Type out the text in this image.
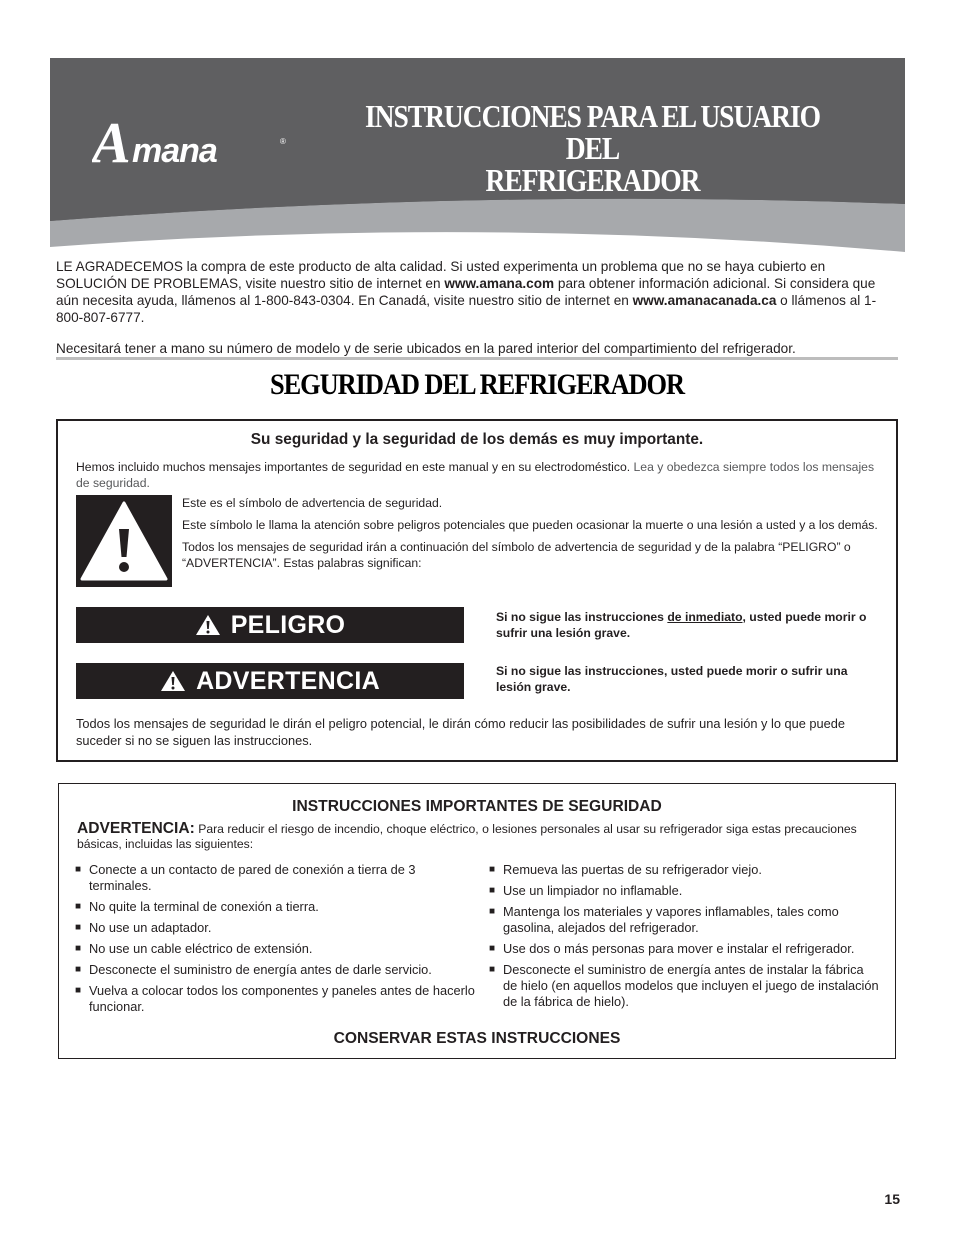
A mana	®
INSTRUCCIONES PARA EL USUARIO DEL
REFRIGERADOR

LE AGRADECEMOS la compra de este producto de alta calidad. Si usted experimenta un problema que no se haya cubierto en SOLUCIÓN DE PROBLEMAS, visite nuestro sitio de internet en www.amana.com para obtener información adicional. Si considera que aún necesita ayuda, llámenos al 1-800-843-0304. En Canadá, visite nuestro sitio de internet en www.amanacanada.ca o llámenos al 1-800-807-6777.

Necesitará tener a mano su número de modelo y de serie ubicados en la pared interior del compartimiento del refrigerador.

SEGURIDAD DEL REFRIGERADOR

Su seguridad y la seguridad de los demás es muy importante.

Hemos incluido muchos mensajes importantes de seguridad en este manual y en su electrodoméstico. Lea y obedezca siempre todos los mensajes de seguridad.

Este es el símbolo de advertencia de seguridad.

Este símbolo le llama la atención sobre peligros potenciales que pueden ocasionar la muerte o una lesión a usted y a los demás.

Todos los mensajes de seguridad irán a continuación del símbolo de advertencia de seguridad y de la palabra “PELIGRO” o “ADVERTENCIA”. Estas palabras significan:

PELIGRO	Si no sigue las instrucciones de inmediato, usted puede morir o sufrir una lesión grave.

ADVERTENCIA	Si no sigue las instrucciones, usted puede morir o sufrir una lesión grave.

Todos los mensajes de seguridad le dirán el peligro potencial, le dirán cómo reducir las posibilidades de sufrir una lesión y lo que puede suceder si no se siguen las instrucciones.

INSTRUCCIONES IMPORTANTES DE SEGURIDAD

ADVERTENCIA: Para reducir el riesgo de incendio, choque eléctrico, o lesiones personales al usar su refrigerador siga estas precauciones básicas, incluidas las siguientes:

■ Conecte a un contacto de pared de conexión a tierra de 3 terminales.
■ No quite la terminal de conexión a tierra.
■ No use un adaptador.
■ No use un cable eléctrico de extensión.
■ Desconecte el suministro de energía antes de darle servicio.
■ Vuelva a colocar todos los componentes y paneles antes de hacerlo funcionar.
■ Remueva las puertas de su refrigerador viejo.
■ Use un limpiador no inflamable.
■ Mantenga los materiales y vapores inflamables, tales como gasolina, alejados del refrigerador.
■ Use dos o más personas para mover e instalar el refrigerador.
■ Desconecte el suministro de energía antes de instalar la fábrica de hielo (en aquellos modelos que incluyen el juego de instalación de la fábrica de hielo).

CONSERVAR ESTAS INSTRUCCIONES

15
